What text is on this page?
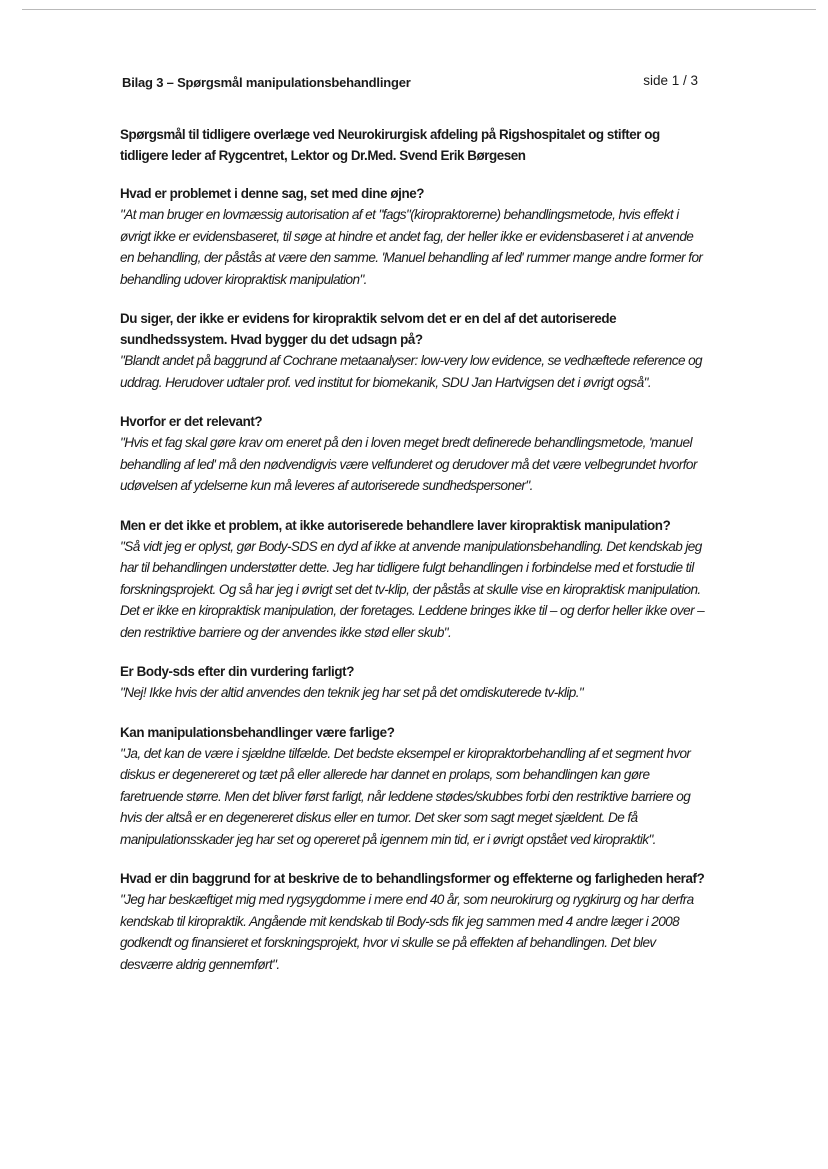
Bilag 3 – Spørgsmål manipulationsbehandlinger	side 1 / 3

Spørgsmål til tidligere overlæge ved Neurokirurgisk afdeling på Rigshospitalet og stifter og tidligere leder af Rygcentret, Lektor og Dr.Med. Svend Erik Børgesen

Hvad er problemet i denne sag, set med dine øjne?

"At man bruger en lovmæssig autorisation af et "fags"(kiropraktorerne) behandlingsmetode, hvis effekt i øvrigt ikke er evidensbaseret, til søge at hindre et andet fag, der heller ikke er evidensbaseret i at anvende en behandling, der påstås at være den samme. 'Manuel behandling af led' rummer mange andre former for behandling udover kiropraktisk manipulation".

Du siger, der ikke er evidens for kiropraktik selvom det er en del af det autoriserede sundhedssystem. Hvad bygger du det udsagn på?

"Blandt andet på baggrund af Cochrane metaanalyser: low-very low evidence, se vedhæftede reference og uddrag. Herudover udtaler prof. ved institut for biomekanik, SDU Jan Hartvigsen det i øvrigt også".

Hvorfor er det relevant?

"Hvis et fag skal gøre krav om eneret på den i loven meget bredt definerede behandlingsmetode, 'manuel behandling af led' må den nødvendigvis være velfunderet og derudover må det være velbegrundet hvorfor udøvelsen af ydelserne kun må leveres af autoriserede sundhedspersoner".

Men er det ikke et problem, at ikke autoriserede behandlere laver kiropraktisk manipulation?

"Så vidt jeg er oplyst, gør Body-SDS en dyd af ikke at anvende manipulationsbehandling. Det kendskab jeg har til behandlingen understøtter dette. Jeg har tidligere fulgt behandlingen i forbindelse med et forstudie til forskningsprojekt. Og så har jeg i øvrigt set det tv-klip, der påstås at skulle vise en kiropraktisk manipulation. Det er ikke en kiropraktisk manipulation, der foretages. Leddene bringes ikke til – og derfor heller ikke over – den restriktive barriere og der anvendes ikke stød eller skub".

Er Body-sds efter din vurdering farligt?

"Nej! Ikke hvis der altid anvendes den teknik jeg har set på det omdiskuterede tv-klip."

Kan manipulationsbehandlinger være farlige?

"Ja, det kan de være i sjældne tilfælde. Det bedste eksempel er kiropraktorbehandling af et segment hvor diskus er degenereret og tæt på eller allerede har dannet en prolaps, som behandlingen kan gøre faretruende større. Men det bliver først farligt, når leddene stødes/skubbes forbi den restriktive barriere og hvis der altså er en degenereret diskus eller en tumor. Det sker som sagt meget sjældent. De få manipulationsskader jeg har set og opereret på igennem min tid, er i øvrigt opstået ved kiropraktik".

Hvad er din baggrund for at beskrive de to behandlingsformer og effekterne og farligheden heraf?

"Jeg har beskæftiget mig med rygsygdomme i mere end 40 år, som neurokirurg og rygkirurg og har derfra kendskab til kiropraktik. Angående mit kendskab til Body-sds fik jeg sammen med 4 andre læger i 2008 godkendt og finansieret et forskningsprojekt, hvor vi skulle se på effekten af behandlingen. Det blev desværre aldrig gennemført".
